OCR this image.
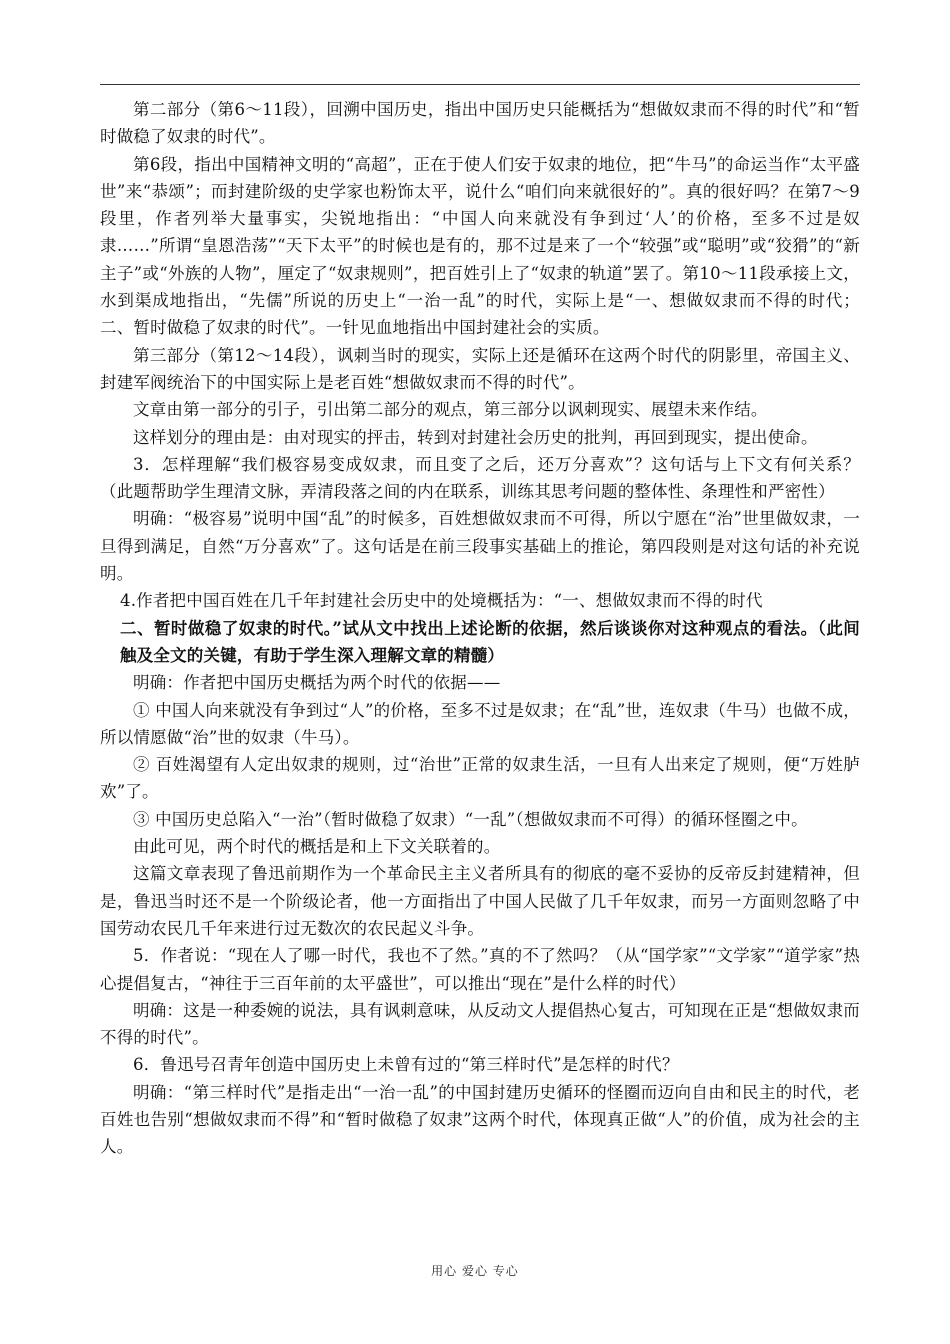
第二部分（第6～11段），回溯中国历史，指出中国历史只能概括为“想做奴隶而不得的时代”和“暂时做稳了奴隶的时代”。

第6段，指出中国精神文明的“高超”，正在于使人们安于奴隶的地位，把“牛马”的命运当作“太平盛世”来“恭颂”；而封建阶级的史学家也粉饰太平，说什么“咱们向来就很好的”。真的很好吗？在第7～9段里，作者列举大量事实，尖锐地指出：“中国人向来就没有争到过‘人’的价格，至多不过是奴隶……”所谓“皇恩浩荡”“天下太平”的时候也是有的，那不过是来了一个“较强”或“聪明”或“狡猾”的“新主子”或“外族的人物”，厘定了“奴隶规则”，把百姓引上了“奴隶的轨道”罢了。第10～11段承接上文，水到渠成地指出，“先儒”所说的历史上“一治一乱”的时代，实际上是“一、想做奴隶而不得的时代；二、暂时做稳了奴隶的时代”。一针见血地指出中国封建社会的实质。

第三部分（第12～14段），讽刺当时的现实，实际上还是循环在这两个时代的阴影里，帝国主义、封建军阀统治下的中国实际上是老百姓“想做奴隶而不得的时代”。

文章由第一部分的引子，引出第二部分的观点，第三部分以讽刺现实、展望未来作结。

这样划分的理由是：由对现实的抨击，转到对封建社会历史的批判，再回到现实，提出使命。

3．怎样理解“我们极容易变成奴隶，而且变了之后，还万分喜欢”？这句话与上下文有何关系？（此题帮助学生理清文脉，弄清段落之间的内在联系，训练其思考问题的整体性、条理性和严密性）

明确：“极容易”说明中国“乱”的时候多，百姓想做奴隶而不可得，所以宁愿在“治”世里做奴隶，一旦得到满足，自然“万分喜欢”了。这句话是在前三段事实基础上的推论，第四段则是对这句话的补充说明。

4.作者把中国百姓在几千年封建社会历史中的处境概括为：“一、想做奴隶而不得的时代

二、暂时做稳了奴隶的时代。”试从文中找出上述论断的依据，然后谈谈你对这种观点的看法。（此间触及全文的关键，有助于学生深入理解文章的精髓）

明确：作者把中国历史概括为两个时代的依据——

① 中国人向来就没有争到过“人”的价格，至多不过是奴隶；在“乱”世，连奴隶（牛马）也做不成，所以情愿做“治”世的奴隶（牛马）。

② 百姓渴望有人定出奴隶的规则，过“治世”正常的奴隶生活，一旦有人出来定了规则，便“万姓胪欢”了。

③ 中国历史总陷入“一治”（暂时做稳了奴隶）“一乱”（想做奴隶而不可得）的循环怪圈之中。

由此可见，两个时代的概括是和上下文关联着的。

这篇文章表现了鲁迅前期作为一个革命民主主义者所具有的彻底的毫不妥协的反帝反封建精神，但是，鲁迅当时还不是一个阶级论者，他一方面指出了中国人民做了几千年奴隶，而另一方面则忽略了中国劳动农民几千年来进行过无数次的农民起义斗争。

5．作者说：“现在人了哪一时代，我也不了然。”真的不了然吗？（从“国学家”“文学家”“道学家”热心提倡复古，“神往于三百年前的太平盛世”，可以推出“现在”是什么样的时代）

明确：这是一种委婉的说法，具有讽刺意味，从反动文人提倡热心复古，可知现在正是“想做奴隶而不得的时代”。

6．鲁迅号召青年创造中国历史上未曾有过的“第三样时代”是怎样的时代？

明确：“第三样时代”是指走出“一治一乱”的中国封建历史循环的怪圈而迈向自由和民主的时代，老百姓也告别“想做奴隶而不得”和“暂时做稳了奴隶”这两个时代，体现真正做“人”的价值，成为社会的主人。

用心 爱心 专心
